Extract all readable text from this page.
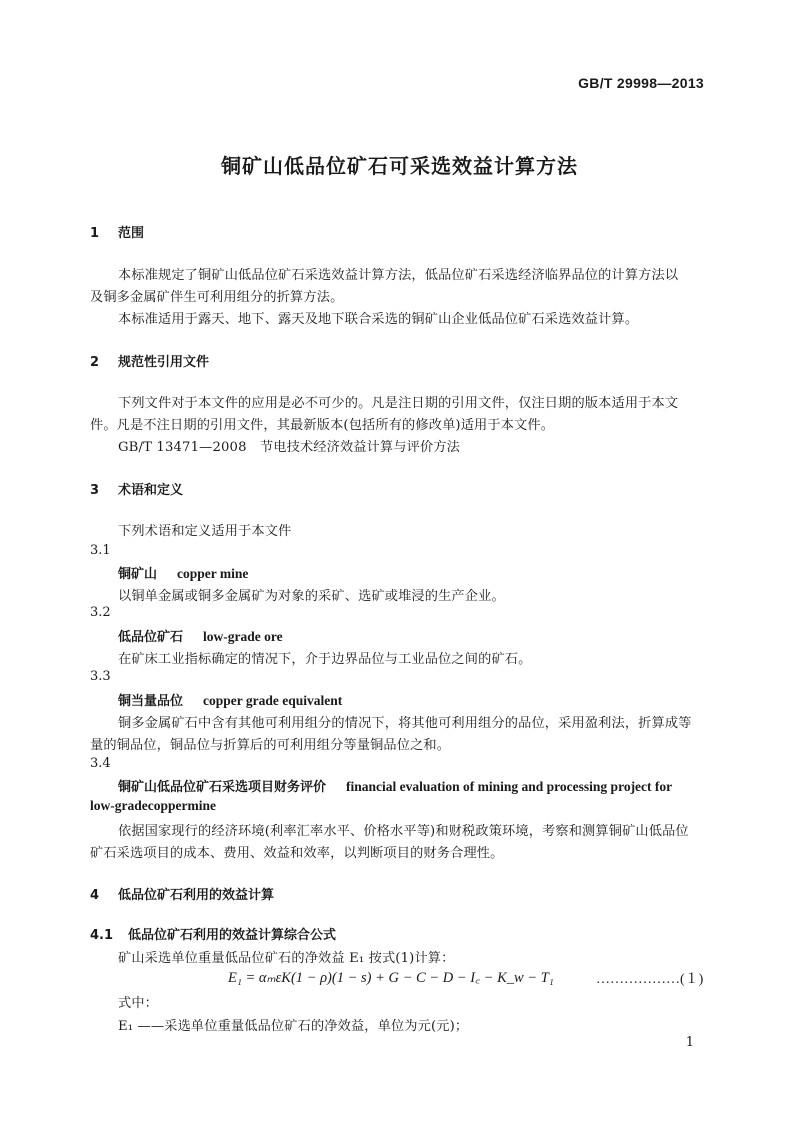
GB/T 29998—2013
铜矿山低品位矿石可采选效益计算方法
1 范围
本标准规定了铜矿山低品位矿石采选效益计算方法，低品位矿石采选经济临界品位的计算方法以
及铜多金属矿伴生可利用组分的折算方法。
本标准适用于露天、地下、露天及地下联合采选的铜矿山企业低品位矿石采选效益计算。
2 规范性引用文件
下列文件对于本文件的应用是必不可少的。凡是注日期的引用文件，仅注日期的版本适用于本文
件。凡是不注日期的引用文件，其最新版本(包括所有的修改单)适用于本文件。
GB/T 13471—2008　节电技术经济效益计算与评价方法
3 术语和定义
下列术语和定义适用于本文件
3.1
铜矿山 copper mine
以铜单金属或铜多金属矿为对象的采矿、选矿或堆浸的生产企业。
3.2
低品位矿石 low-grade ore
在矿床工业指标确定的情况下，介于边界品位与工业品位之间的矿石。
3.3
铜当量品位 copper grade equivalent
铜多金属矿石中含有其他可利用组分的情况下，将其他可利用组分的品位，采用盈利法，折算成等
量的铜品位，铜品位与折算后的可利用组分等量铜品位之和。
3.4
铜矿山低品位矿石采选项目财务评价 financial evaluation of mining and processing project for
low-gradecoppermine
依据国家现行的经济环境(利率汇率水平、价格水平等)和财税政策环境，考察和测算铜矿山低品位
矿石采选项目的成本、费用、效益和效率，以判断项目的财务合理性。
4 低品位矿石利用的效益计算
4.1 低品位矿石利用的效益计算综合公式
矿山采选单位重量低品位矿石的净效益 E₁ 按式(1)计算：
E₁ = αₘεK(1 − ρ)(1 − s) + G − C − D − I꜀ − K_w − T₁	………………(１)
式中：
E₁ ——采选单位重量低品位矿石的净效益，单位为元(元)；
1
